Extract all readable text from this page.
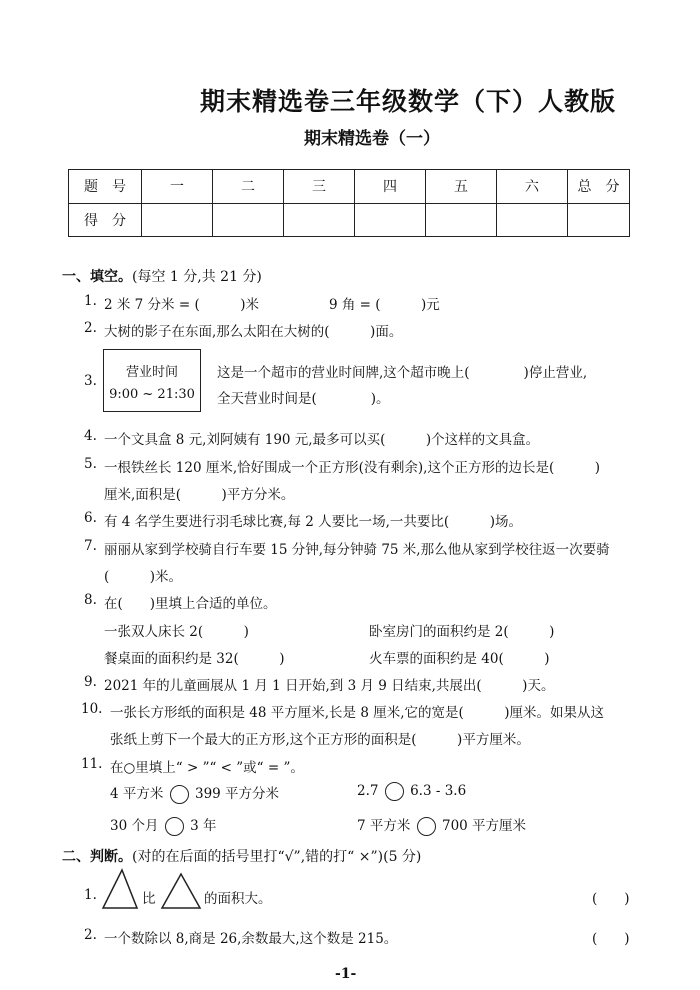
期末精选卷三年级数学（下）人教版
期末精选卷（一）
题　号	一	二	三	四	五	六	总　分
得　分							
一、填空。(每空 1 分,共 21 分)
1. 2 米 7 分米 = (　　　)米	9 角 = (　　　)元
2. 大树的影子在东面,那么太阳在大树的(　　　)面。
3.
营业时间
9:00 ~ 21:30
这是一个超市的营业时间牌,这个超市晚上(　　　　)停止营业,
全天营业时间是(　　　　)。
4. 一个文具盒 8 元,刘阿姨有 190 元,最多可以买(　　　)个这样的文具盒。
5. 一根铁丝长 120 厘米,恰好围成一个正方形(没有剩余),这个正方形的边长是(　　　)
厘米,面积是(　　　)平方分米。
6. 有 4 名学生要进行羽毛球比赛,每 2 人要比一场,一共要比(　　　)场。
7. 丽丽从家到学校骑自行车要 15 分钟,每分钟骑 75 米,那么他从家到学校往返一次要骑
(　　　)米。
8. 在(　　)里填上合适的单位。
一张双人床长 2(　　　)	卧室房门的面积约是 2(　　　)
餐桌面的面积约是 32(　　　)	火车票的面积约是 40(　　　)
9. 2021 年的儿童画展从 1 月 1 日开始,到 3 月 9 日结束,共展出(　　　)天。
10. 一张长方形纸的面积是 48 平方厘米,长是 8 厘米,它的宽是(　　　)厘米。如果从这
张纸上剪下一个最大的正方形,这个正方形的面积是(　　　)平方厘米。
11. 在○里填上“ > ”“ < ”或“ = ”。
4 平方米 399 平方分米	2.7 6.3 - 3.6
30 个月 3 年	7 平方米 700 平方厘米
二、判断。(对的在后面的括号里打“√”,错的打“ ×”)(5 分)
1.	比	的面积大。	(　　)
2. 一个数除以 8,商是 26,余数最大,这个数是 215。	(　　)
-1-
